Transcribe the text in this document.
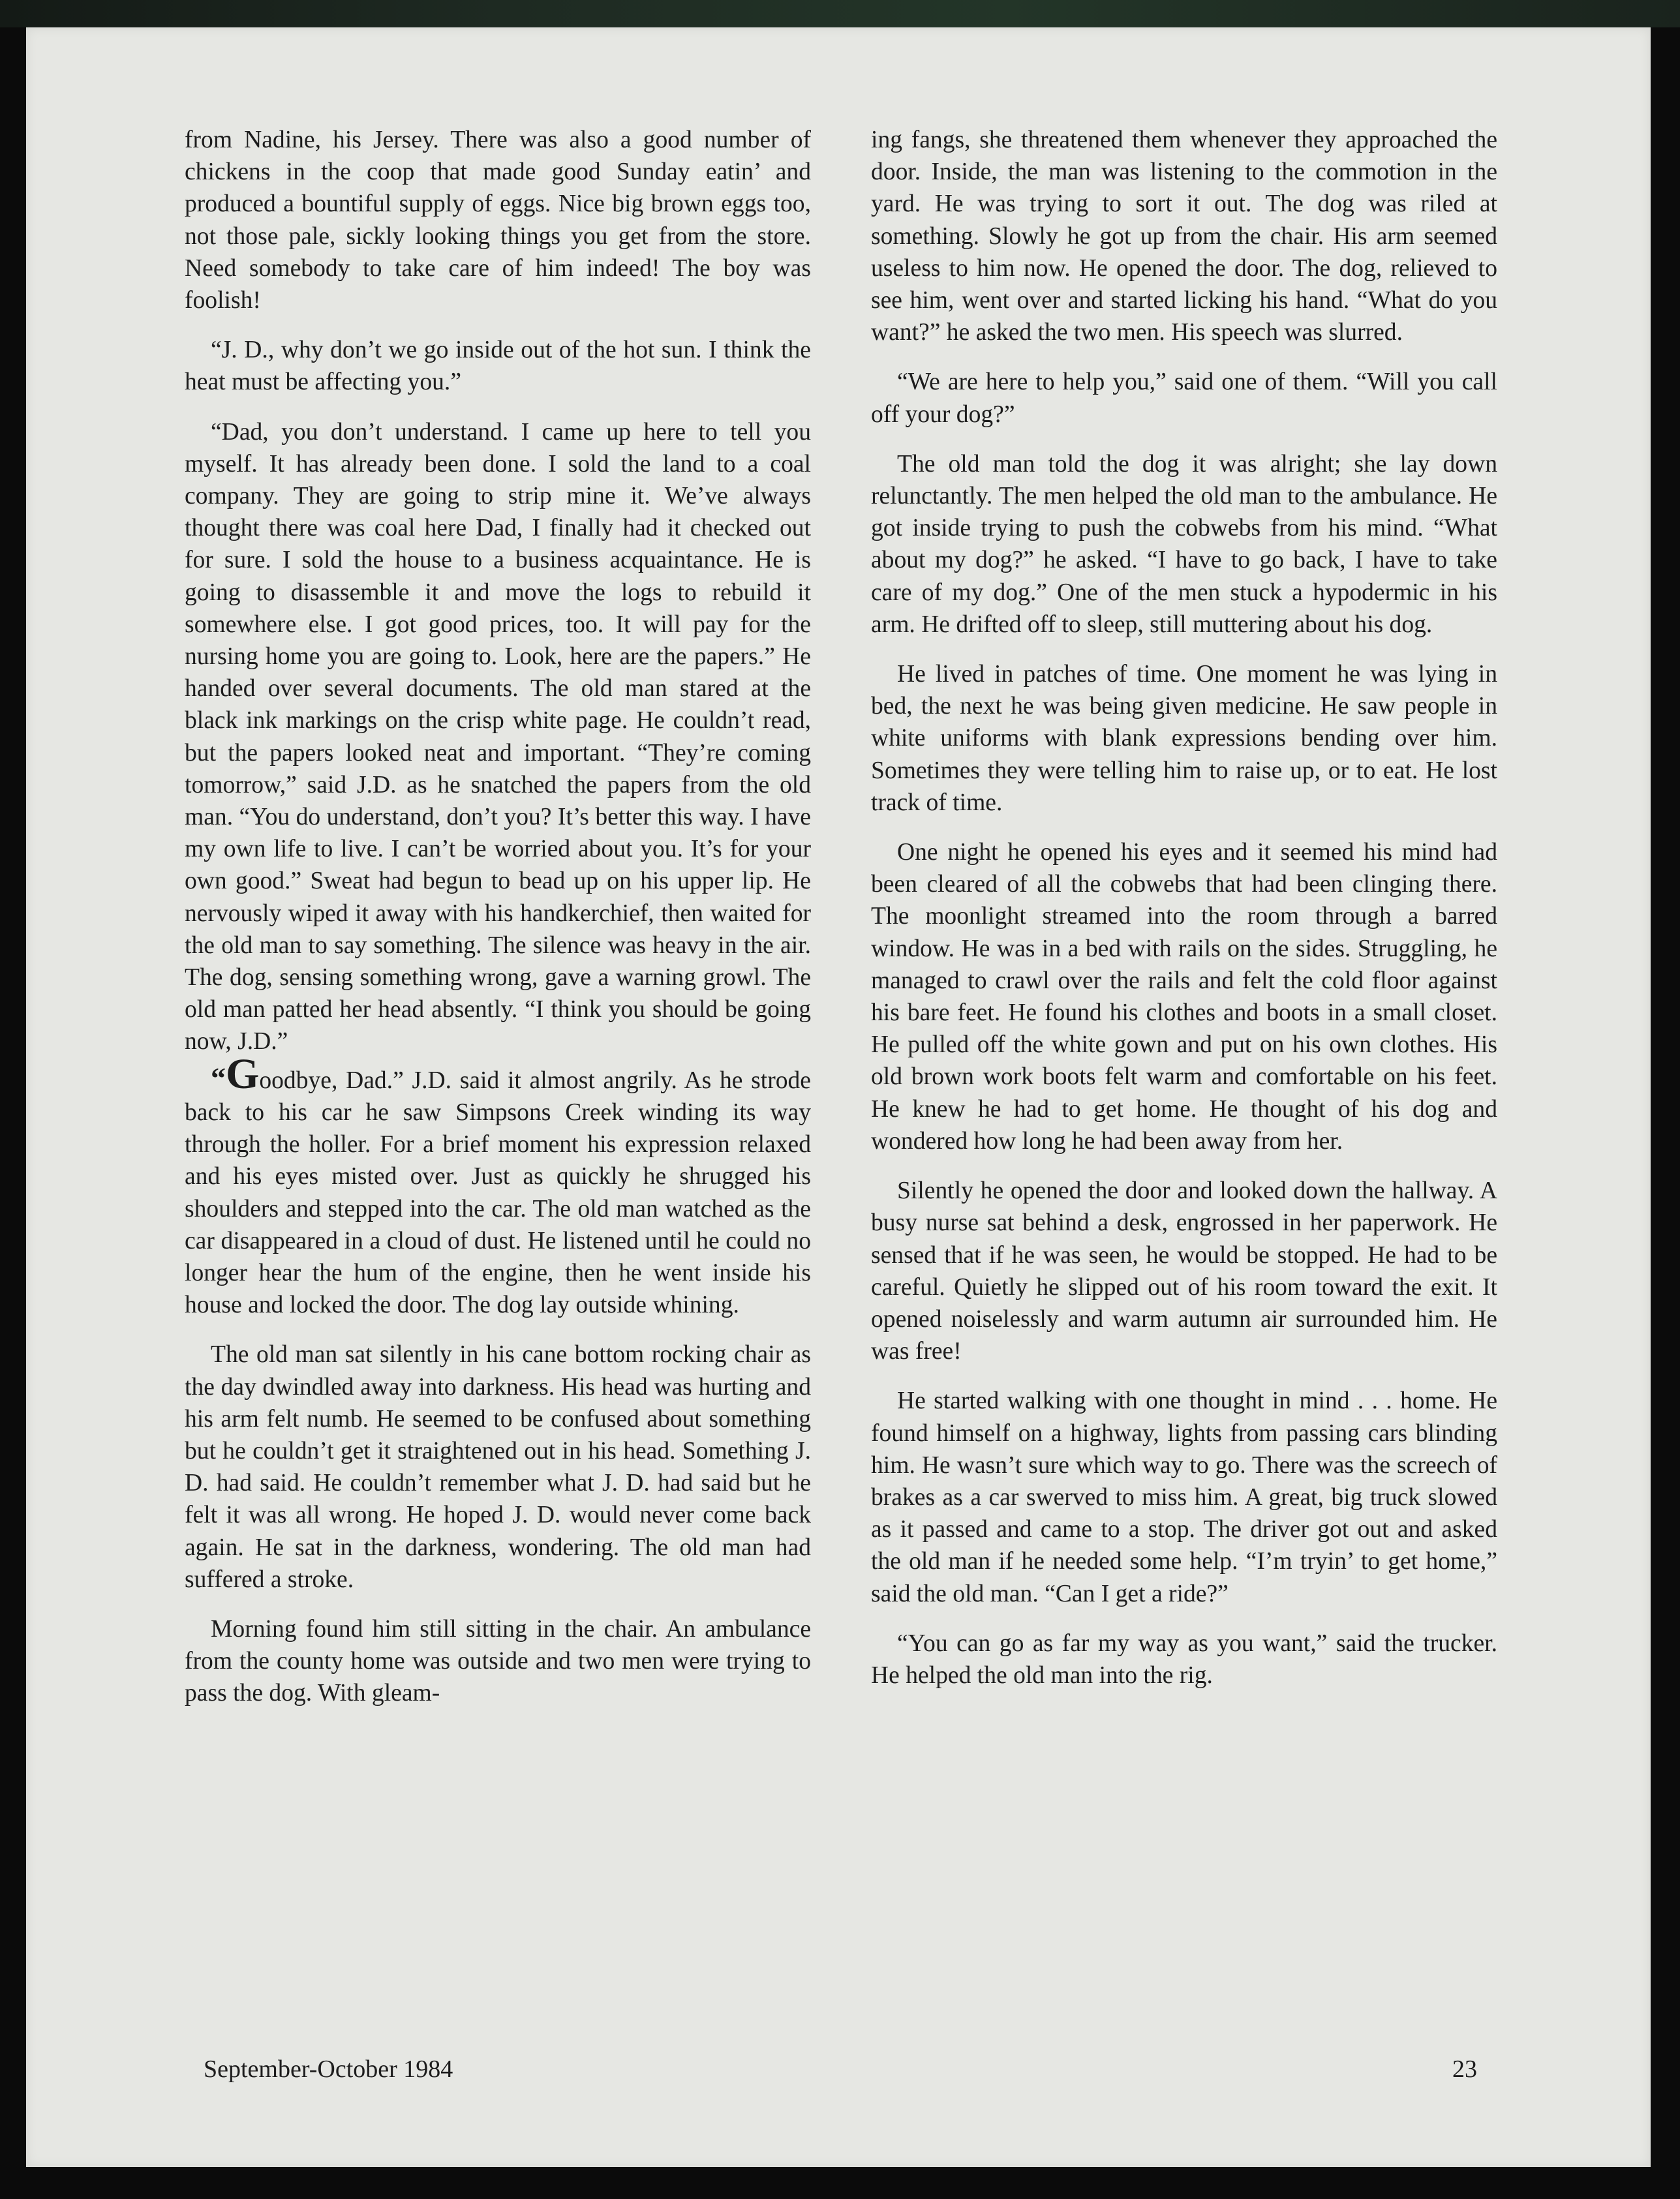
from Nadine, his Jersey. There was also a good number of chickens in the coop that made good Sunday eatin’ and produced a bountiful supply of eggs. Nice big brown eggs too, not those pale, sickly looking things you get from the store. Need somebody to take care of him indeed! The boy was foolish!

“J. D., why don’t we go inside out of the hot sun. I think the heat must be affecting you.”

“Dad, you don’t understand. I came up here to tell you myself. It has already been done. I sold the land to a coal company. They are going to strip mine it. We’ve always thought there was coal here Dad, I finally had it checked out for sure. I sold the house to a business acquaintance. He is going to disassemble it and move the logs to rebuild it somewhere else. I got good prices, too. It will pay for the nursing home you are going to. Look, here are the papers.” He handed over several documents. The old man stared at the black ink markings on the crisp white page. He couldn’t read, but the papers looked neat and important. “They’re coming tomorrow,” said J.D. as he snatched the papers from the old man. “You do understand, don’t you? It’s better this way. I have my own life to live. I can’t be worried about you. It’s for your own good.” Sweat had begun to bead up on his upper lip. He nervously wiped it away with his handkerchief, then waited for the old man to say something. The silence was heavy in the air. The dog, sensing something wrong, gave a warning growl. The old man patted her head absently. “I think you should be going now, J.D.”

“Goodbye, Dad.” J.D. said it almost angrily. As he strode back to his car he saw Simpsons Creek winding its way through the holler. For a brief moment his expression relaxed and his eyes misted over. Just as quickly he shrugged his shoulders and stepped into the car. The old man watched as the car disappeared in a cloud of dust. He listened until he could no longer hear the hum of the engine, then he went inside his house and locked the door. The dog lay outside whining.

The old man sat silently in his cane bottom rocking chair as the day dwindled away into darkness. His head was hurting and his arm felt numb. He seemed to be confused about something but he couldn’t get it straightened out in his head. Something J. D. had said. He couldn’t remember what J. D. had said but he felt it was all wrong. He hoped J. D. would never come back again. He sat in the darkness, wondering. The old man had suffered a stroke.

Morning found him still sitting in the chair. An ambulance from the county home was outside and two men were trying to pass the dog. With gleam-

ing fangs, she threatened them whenever they approached the door. Inside, the man was listening to the commotion in the yard. He was trying to sort it out. The dog was riled at something. Slowly he got up from the chair. His arm seemed useless to him now. He opened the door. The dog, relieved to see him, went over and started licking his hand. “What do you want?” he asked the two men. His speech was slurred.

“We are here to help you,” said one of them. “Will you call off your dog?”

The old man told the dog it was alright; she lay down relunctantly. The men helped the old man to the ambulance. He got inside trying to push the cobwebs from his mind. “What about my dog?” he asked. “I have to go back, I have to take care of my dog.” One of the men stuck a hypodermic in his arm. He drifted off to sleep, still muttering about his dog.

He lived in patches of time. One moment he was lying in bed, the next he was being given medicine. He saw people in white uniforms with blank expressions bending over him. Sometimes they were telling him to raise up, or to eat. He lost track of time.

One night he opened his eyes and it seemed his mind had been cleared of all the cobwebs that had been clinging there. The moonlight streamed into the room through a barred window. He was in a bed with rails on the sides. Struggling, he managed to crawl over the rails and felt the cold floor against his bare feet. He found his clothes and boots in a small closet. He pulled off the white gown and put on his own clothes. His old brown work boots felt warm and comfortable on his feet. He knew he had to get home. He thought of his dog and wondered how long he had been away from her.

Silently he opened the door and looked down the hallway. A busy nurse sat behind a desk, engrossed in her paperwork. He sensed that if he was seen, he would be stopped. He had to be careful. Quietly he slipped out of his room toward the exit. It opened noiselessly and warm autumn air surrounded him. He was free!

He started walking with one thought in mind . . . home. He found himself on a highway, lights from passing cars blinding him. He wasn’t sure which way to go. There was the screech of brakes as a car swerved to miss him. A great, big truck slowed as it passed and came to a stop. The driver got out and asked the old man if he needed some help. “I’m tryin’ to get home,” said the old man. “Can I get a ride?”

“You can go as far my way as you want,” said the trucker. He helped the old man into the rig.

September-October 1984	23
